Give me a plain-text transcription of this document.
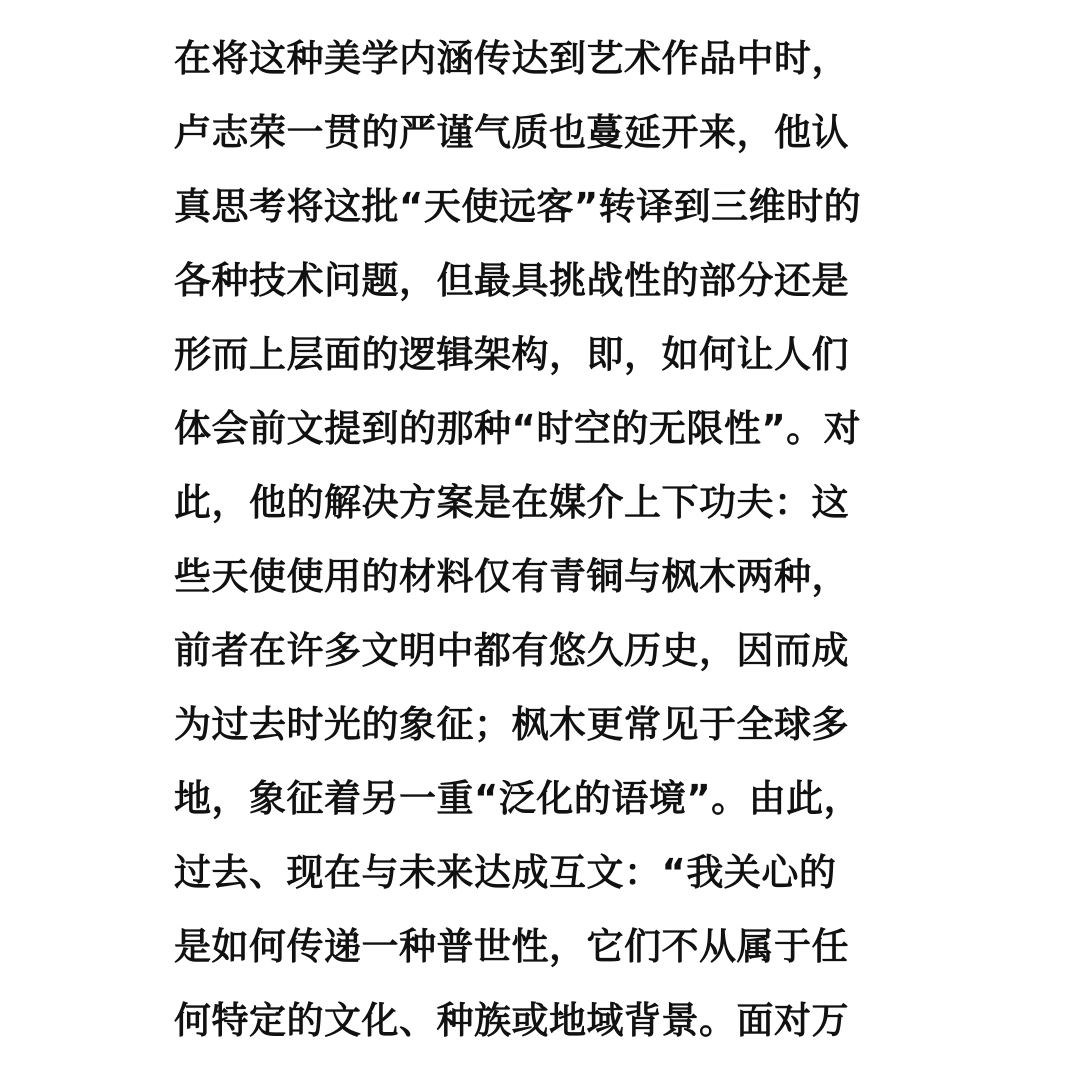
在将这种美学内涵传达到艺术作品中时，
卢志荣一贯的严谨气质也蔓延开来，他认
真思考将这批“天使远客”转译到三维时的
各种技术问题，但最具挑战性的部分还是
形而上层面的逻辑架构，即，如何让人们
体会前文提到的那种“时空的无限性”。对
此，他的解决方案是在媒介上下功夫：这
些天使使用的材料仅有青铜与枫木两种，
前者在许多文明中都有悠久历史，因而成
为过去时光的象征；枫木更常见于全球多
地，象征着另一重“泛化的语境”。由此，
过去、现在与未来达成互文：“我关心的
是如何传递一种普世性，它们不从属于任
何特定的文化、种族或地域背景。面对万
